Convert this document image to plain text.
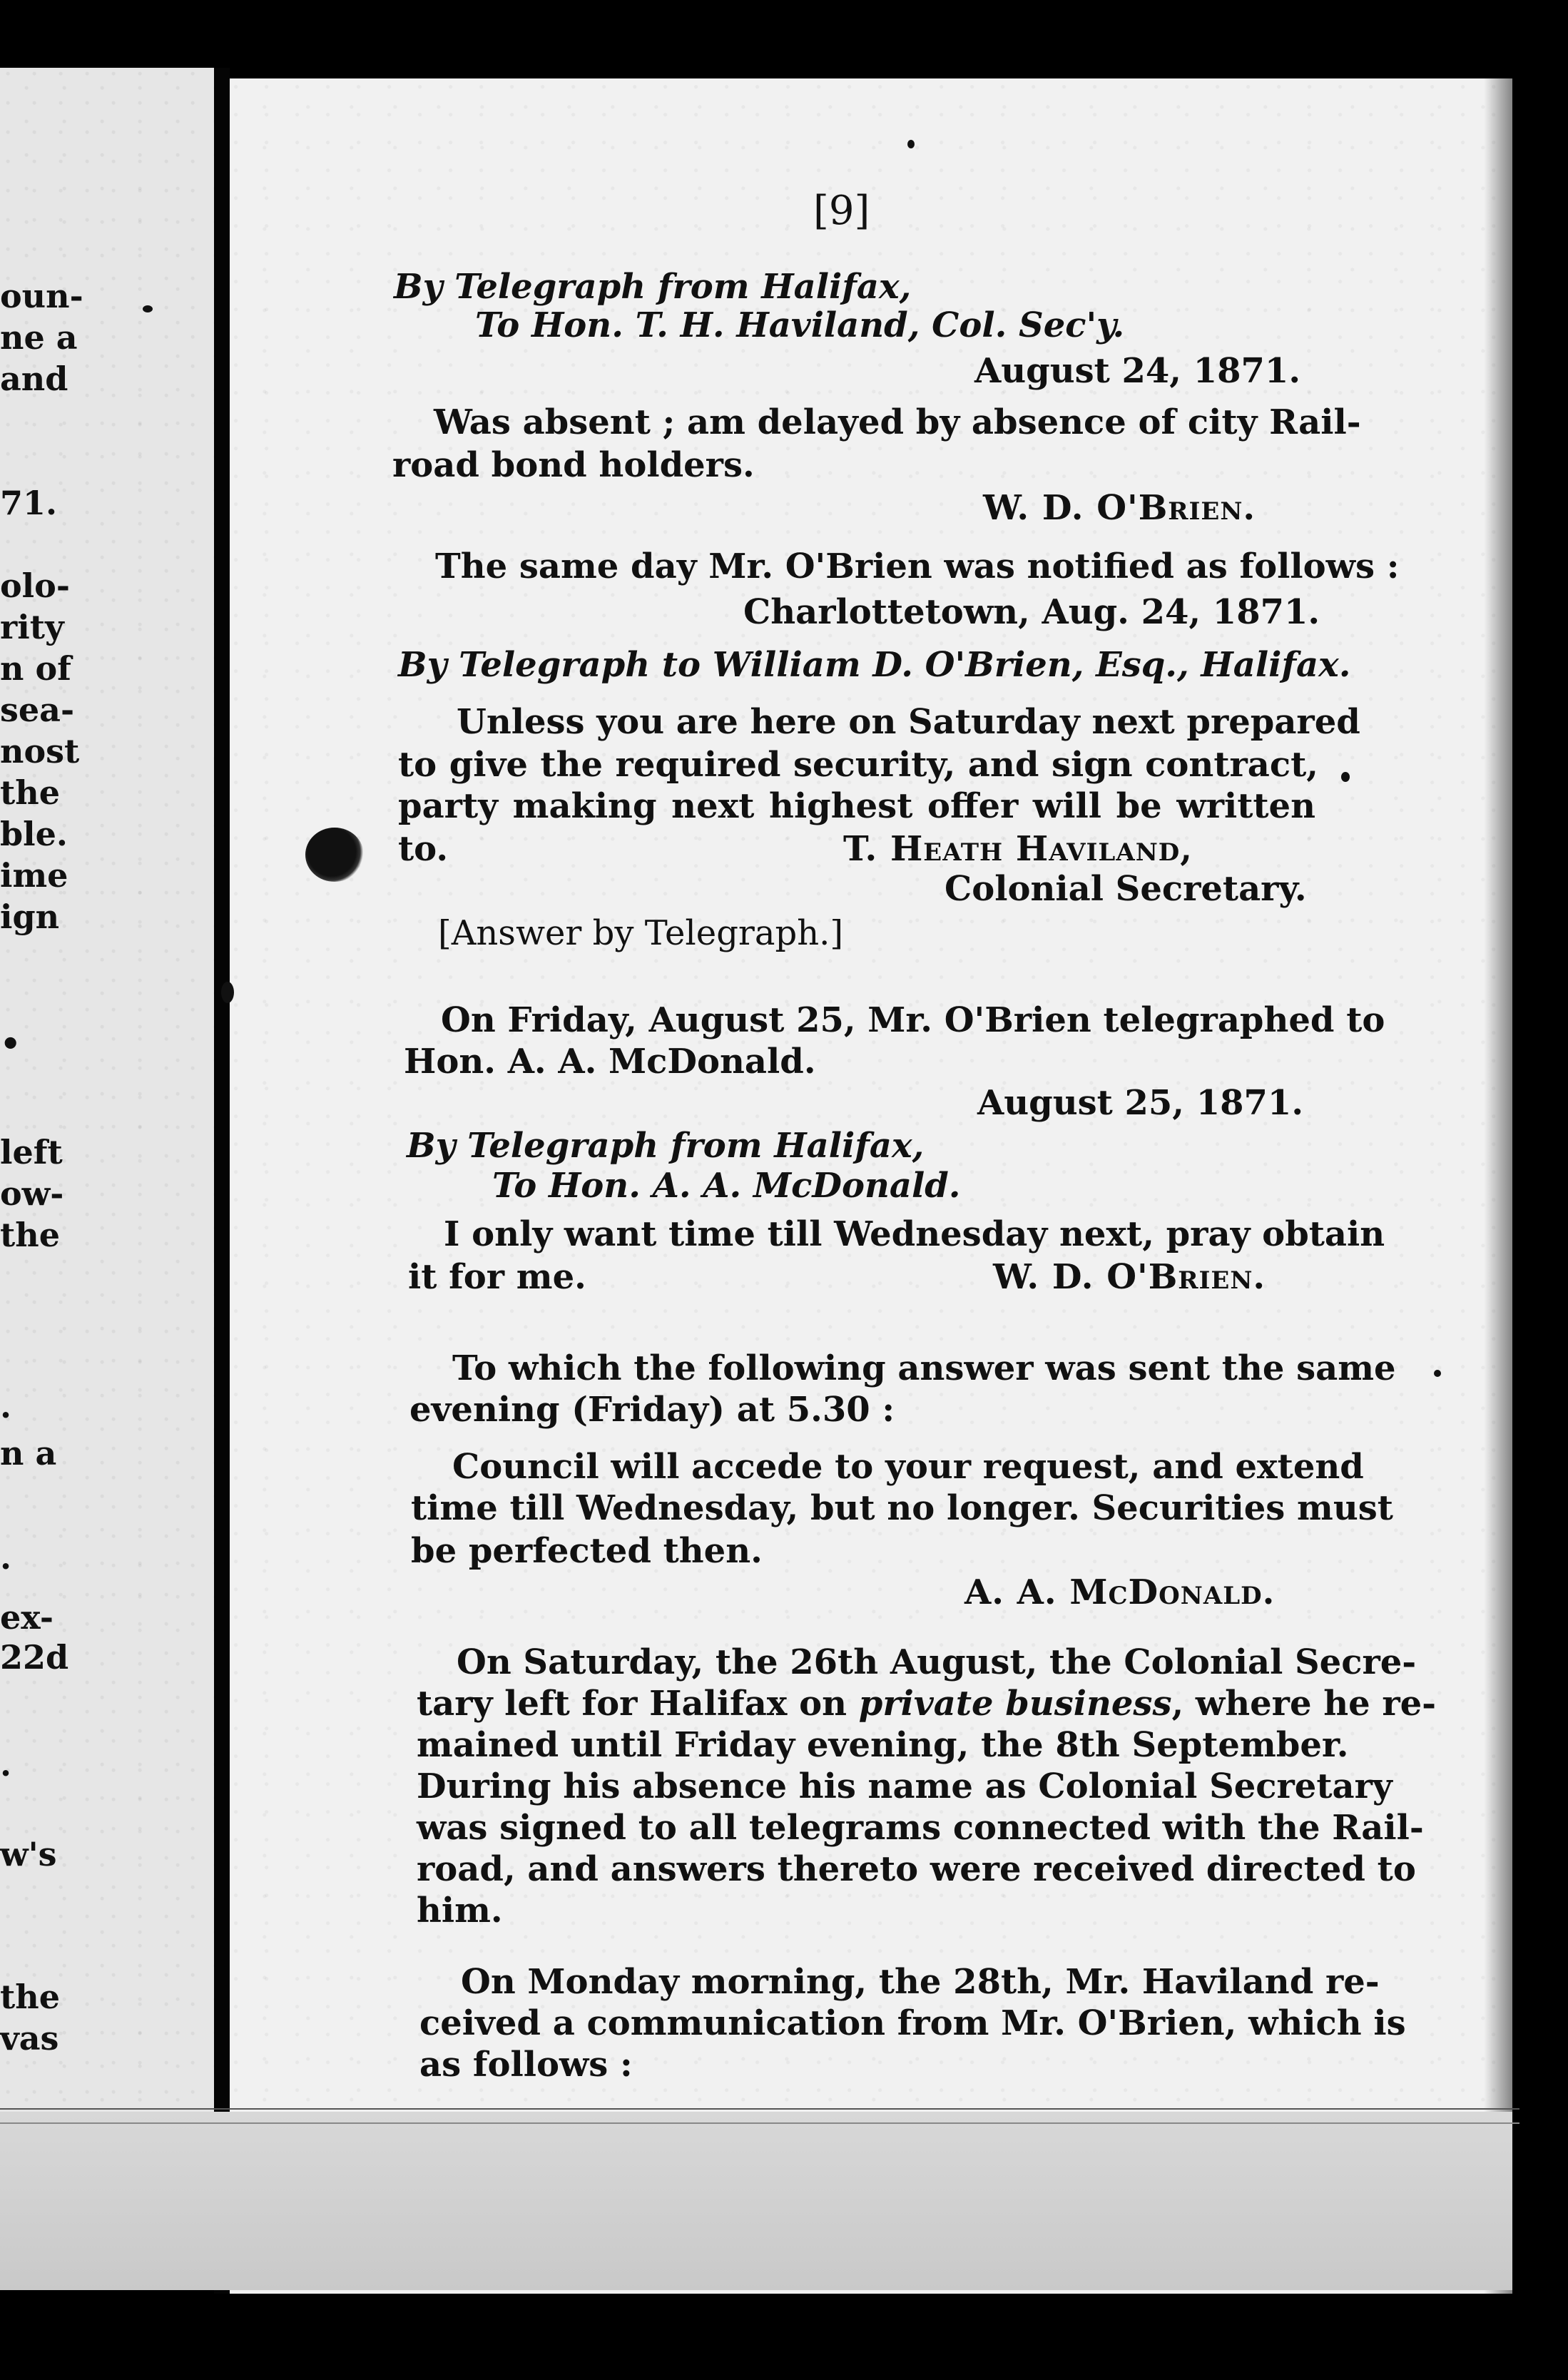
oun-
ne a
and
71.
olo-
rity
n of
sea-
nost
the
ble.
ime
ign
•
left
ow-
the
.
n a
.
ex-
22d
.
w's
the
vas
[9]
By Telegraph from Halifax,
To Hon. T. H. Haviland, Col. Sec'y.
August 24, 1871.
Was absent ; am delayed by absence of city Rail-
road bond holders.
W. D. O'Brien.
The same day Mr. O'Brien was notified as follows :
Charlottetown, Aug. 24, 1871.
By Telegraph to William D. O'Brien, Esq., Halifax.
Unless you are here on Saturday next prepared
to give the required security, and sign contract,
party making next highest offer will be written
to.	T. Heath Haviland,
Colonial Secretary.
[Answer by Telegraph.]
On Friday, August 25, Mr. O'Brien telegraphed to
Hon. A. A. McDonald.
August 25, 1871.
By Telegraph from Halifax,
To Hon. A. A. McDonald.
I only want time till Wednesday next, pray obtain
it for me.	W. D. O'Brien.
To which the following answer was sent the same
evening (Friday) at 5.30 :
Council will accede to your request, and extend
time till Wednesday, but no longer. Securities must
be perfected then.
A. A. McDonald.
On Saturday, the 26th August, the Colonial Secre-
tary left for Halifax on private business, where he re-
mained until Friday evening, the 8th September.
During his absence his name as Colonial Secretary
was signed to all telegrams connected with the Rail-
road, and answers thereto were received directed to
him.
On Monday morning, the 28th, Mr. Haviland re-
ceived a communication from Mr. O'Brien, which is
as follows :
